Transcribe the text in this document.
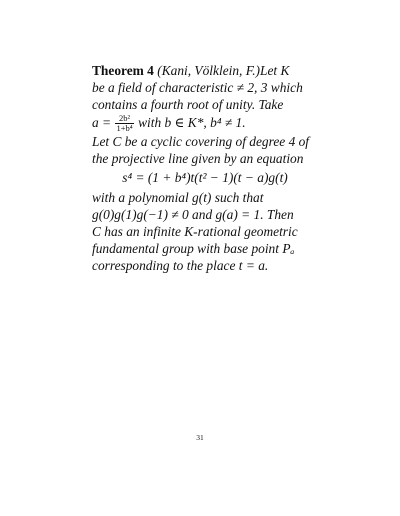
Theorem 4 (Kani, Völklein, F.)Let K
be a field of characteristic ≠ 2, 3 which
contains a fourth root of unity. Take
$a = \frac{\text{2b²}}{\text{1+b⁴}}$ with b ∈ K*, b⁴ ≠ 1.
Let C be a cyclic covering of degree 4 of
the projective line given by an equation
s⁴ = (1 + b⁴)t(t² − 1)(t − a)g(t)
with a polynomial g(t) such that
g(0)g(1)g(−1) ≠ 0 and g(a) = 1. Then
C has an infinite K-rational geometric
fundamental group with base point Pₐ
corresponding to the place t = a.
31
